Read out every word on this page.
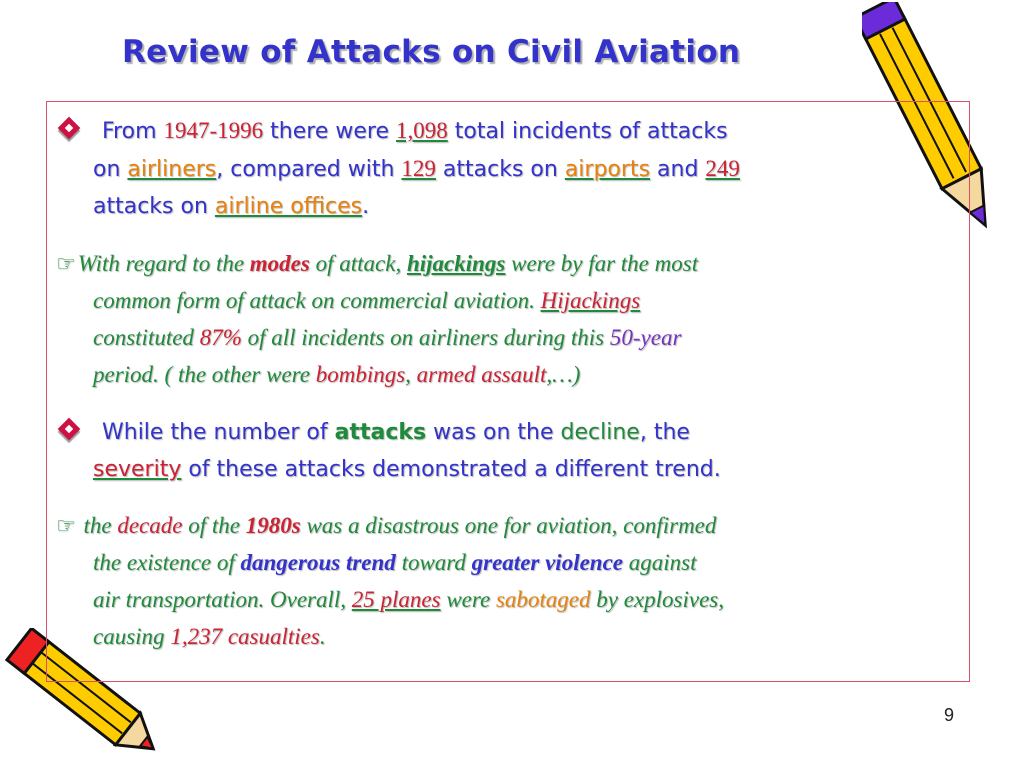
Review of Attacks on Civil Aviation
From 1947-1996 there were 1,098 total incidents of attacks
on airliners, compared with 129 attacks on airports and 249
attacks on airline offices.
☞With regard to the modes of attack, hijackings were by far the most
common form of attack on commercial aviation. Hijackings
constituted 87% of all incidents on airliners during this 50-year
period. ( the other were bombings, armed assault,…)
While the number of attacks was on the decline, the
severity of these attacks demonstrated a different trend.
☞ the decade of the 1980s was a disastrous one for aviation, confirmed
the existence of dangerous trend toward greater violence against
air transportation. Overall, 25 planes were sabotaged by explosives,
causing 1,237 casualties.
9
